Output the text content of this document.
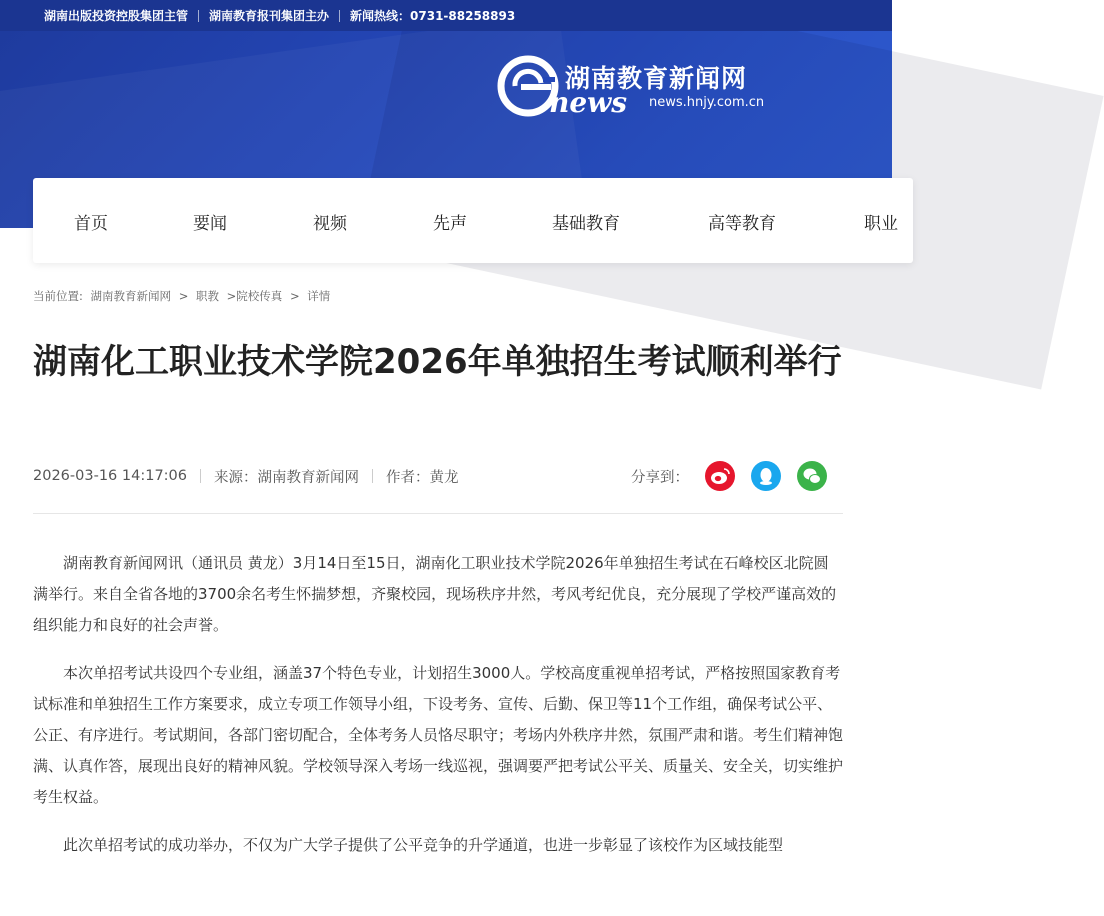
湖南出版投资控股集团主管 湖南教育报刊集团主办 新闻热线：0731-88258893
湖南教育新闻网
news news.hnjy.com.cn
首页	要闻	视频	先声	基础教育	高等教育	职业
当前位置: 湖南教育新闻网 > 职教 >院校传真 > 详情
湖南化工职业技术学院2026年单独招生考试顺利举行
2026-03-16 14:17:06 来源：湖南教育新闻网 作者：黄龙	分享到：

湖南教育新闻网讯（通讯员 黄龙）3月14日至15日，湖南化工职业技术学院2026年单独招生考试在石峰校区北院圆满举行。来自全省各地的3700余名考生怀揣梦想，齐聚校园，现场秩序井然，考风考纪优良，充分展现了学校严谨高效的组织能力和良好的社会声誉。

本次单招考试共设四个专业组，涵盖37个特色专业，计划招生3000人。学校高度重视单招考试，严格按照国家教育考试标准和单独招生工作方案要求，成立专项工作领导小组，下设考务、宣传、后勤、保卫等11个工作组，确保考试公平、公正、有序进行。考试期间，各部门密切配合，全体考务人员恪尽职守；考场内外秩序井然，氛围严肃和谐。考生们精神饱满、认真作答，展现出良好的精神风貌。学校领导深入考场一线巡视，强调要严把考试公平关、质量关、安全关，切实维护考生权益。

此次单招考试的成功举办，不仅为广大学子提供了公平竞争的升学通道，也进一步彰显了该校作为区域技能型
